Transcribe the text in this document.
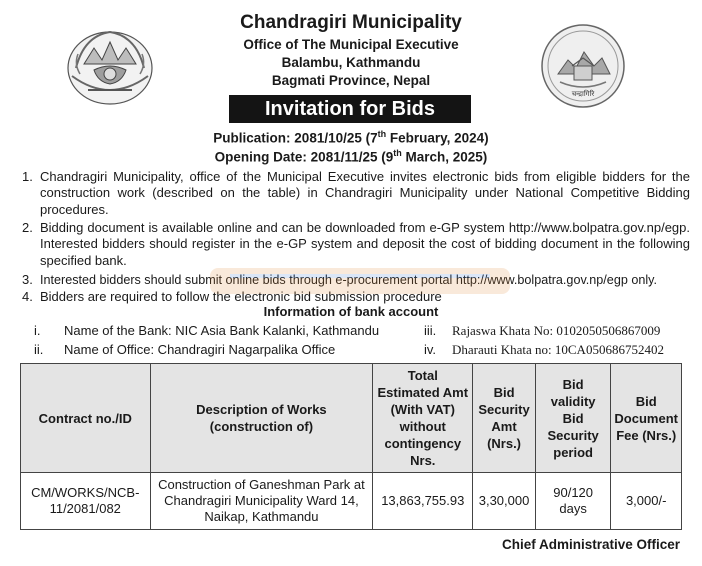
चन्द्रागिरि
Chandragiri Municipality
Office of The Municipal Executive
Balambu, Kathmandu
Bagmati Province, Nepal
Invitation for Bids
Publication: 2081/10/25 (7th February, 2024)
Opening Date: 2081/11/25 (9th March, 2025)
1. Chandragiri Municipality, office of the Municipal Executive invites electronic bids from eligible bidders for the construction work (described on the table) in Chandragiri Municipality under National Competitive Bidding procedures.
2. Bidding document is available online and can be downloaded from e-GP system http://www.bolpatra.gov.np/egp. Interested bidders should register in the e-GP system and deposit the cost of bidding document in the following specified bank.
3. Interested bidders should submit online bids through e-procurement portal http://www.bolpatra.gov.np/egp only.
4. Bidders are required to follow the electronic bid submission procedure
Information of bank account
i. Name of the Bank: NIC Asia Bank Kalanki, Kathmandu
ii. Name of Office: Chandragiri Nagarpalika Office
iii. Rajaswa Khata No: 0102050506867009
iv. Dharauti Khata no: 10CA050686752402
Contract no./ID	Description of Works (construction of)	Total Estimated Amt (With VAT) without contingency Nrs.	Bid Security Amt (Nrs.)	Bid validity Bid Security period	Bid Document Fee (Nrs.)
CM/WORKS/NCB-11/2081/082	Construction of Ganeshman Park at Chandragiri Municipality Ward 14, Naikap, Kathmandu	13,863,755.93	3,30,000	90/120 days	3,000/-
Chief Administrative Officer
